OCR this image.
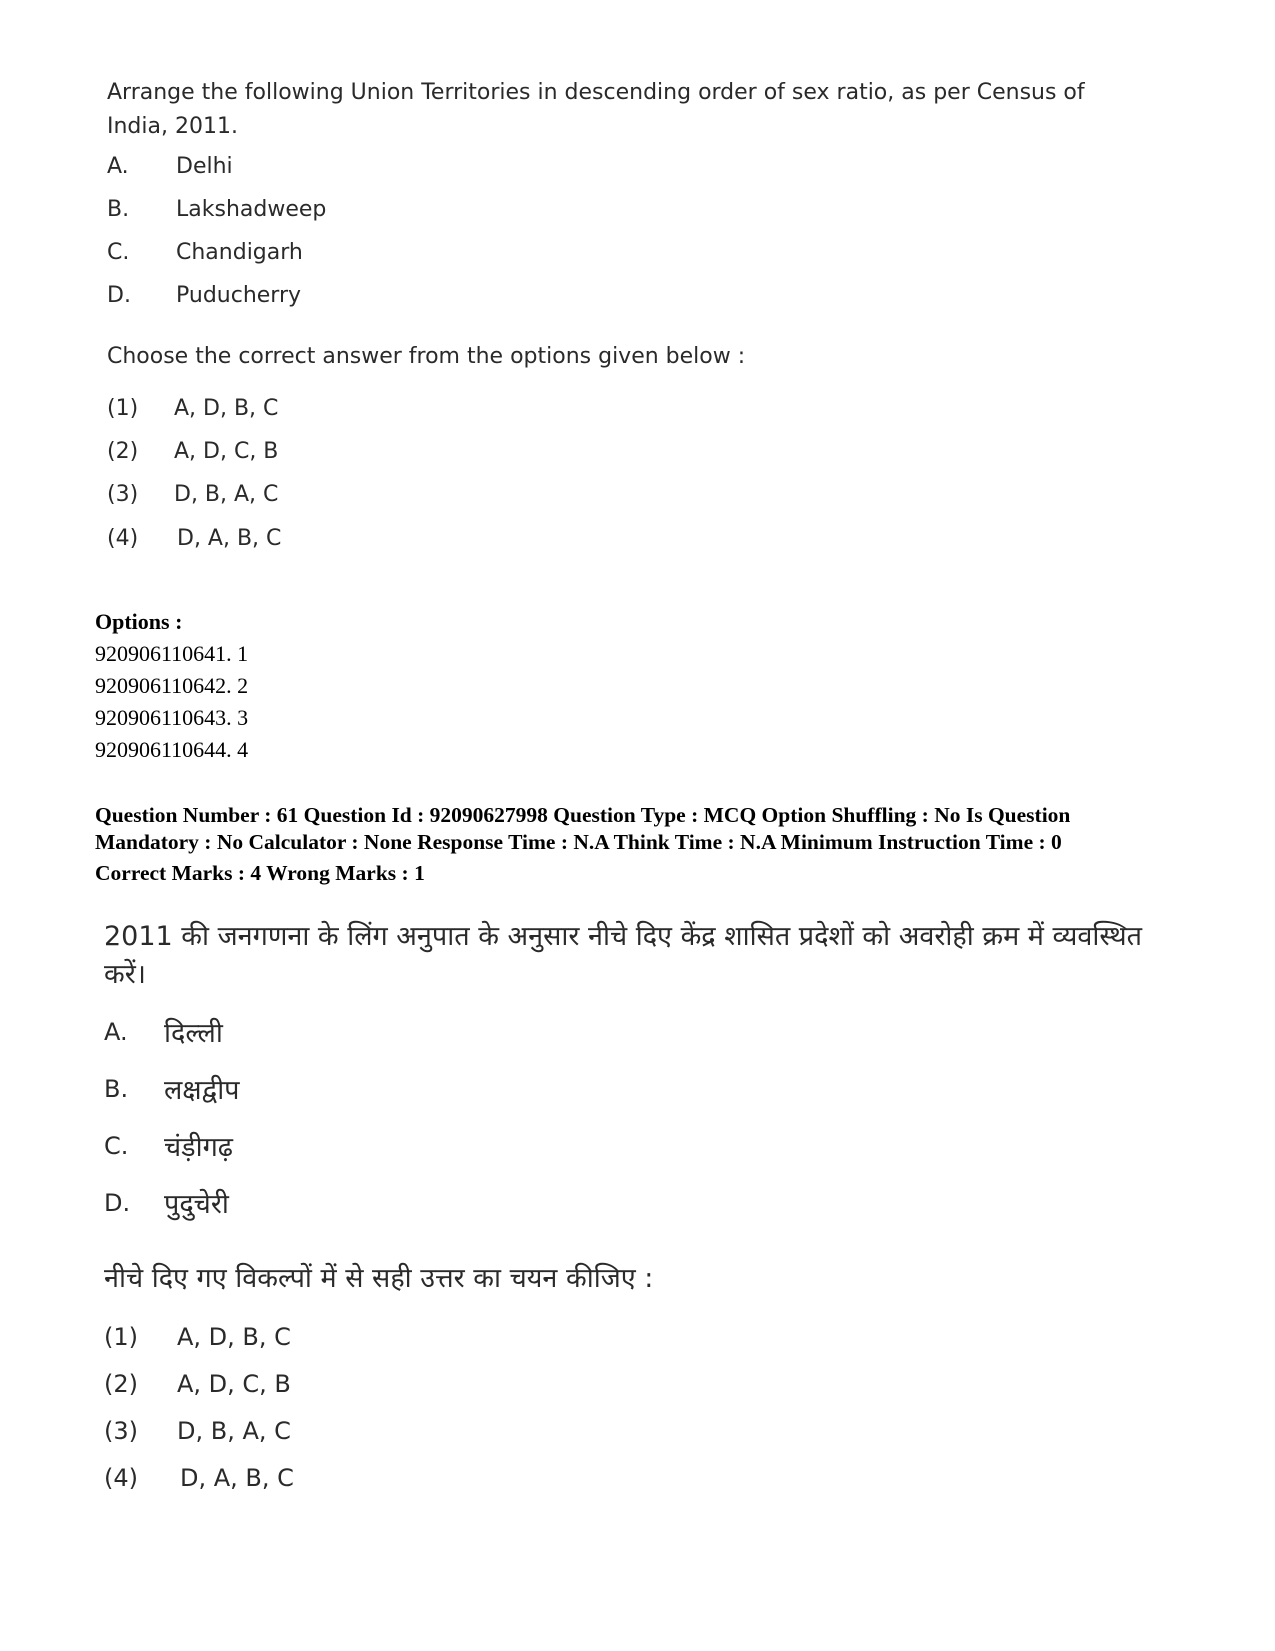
Arrange the following Union Territories in descending order of sex ratio, as per Census of
India, 2011.
A. Delhi
B. Lakshadweep
C. Chandigarh
D. Puducherry
Choose the correct answer from the options given below :
(1) A, D, B, C
(2) A, D, C, B
(3) D, B, A, C
(4) D, A, B, C
Options :
920906110641. 1
920906110642. 2
920906110643. 3
920906110644. 4
Question Number : 61 Question Id : 92090627998 Question Type : MCQ Option Shuffling : No Is Question
Mandatory : No Calculator : None Response Time : N.A Think Time : N.A Minimum Instruction Time : 0
Correct Marks : 4 Wrong Marks : 1
2011 की जनगणना के लिंग अनुपात के अनुसार नीचे दिए केंद्र शासित प्रदेशों को अवरोही क्रम में व्यवस्थित
करें।
A. दिल्ली
B. लक्षद्वीप
C. चंड़ीगढ़
D. पुदुचेरी
नीचे दिए गए विकल्पों में से सही उत्तर का चयन कीजिए :
(1) A, D, B, C
(2) A, D, C, B
(3) D, B, A, C
(4) D, A, B, C
